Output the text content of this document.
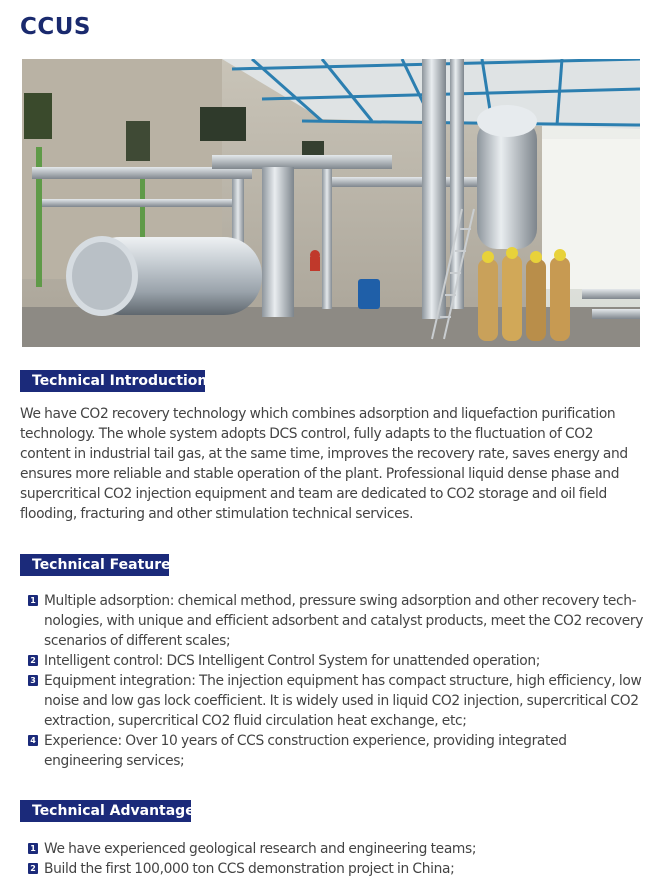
CCUS
Technical Introduction

We have CO2 recovery technology which combines adsorption and liquefaction purification technology. The whole system adopts DCS control, fully adapts to the fluctuation of CO2 content in industrial tail gas, at the same time, improves the recovery rate, saves energy and ensures more reliable and stable operation of the plant. Professional liquid dense phase and supercritical CO2 injection equipment and team are dedicated to CO2 storage and oil field flooding, fracturing and other stimulation technical services.

Technical Features
1 Multiple adsorption: chemical method, pressure swing adsorption and other recovery tech-nologies, with unique and efficient adsorbent and catalyst products, meet the CO2 recovery scenarios of different scales;
2 Intelligent control: DCS Intelligent Control System for unattended operation;
3 Equipment integration: The injection equipment has compact structure, high efficiency, low noise and low gas lock coefficient. It is widely used in liquid CO2 injection, supercritical CO2 extraction, supercritical CO2 fluid circulation heat exchange, etc;
4 Experience: Over 10 years of CCS construction experience, providing integrated engineering services;
Technical Advantages
1 We have experienced geological research and engineering teams;
2 Build the first 100,000 ton CCS demonstration project in China;
